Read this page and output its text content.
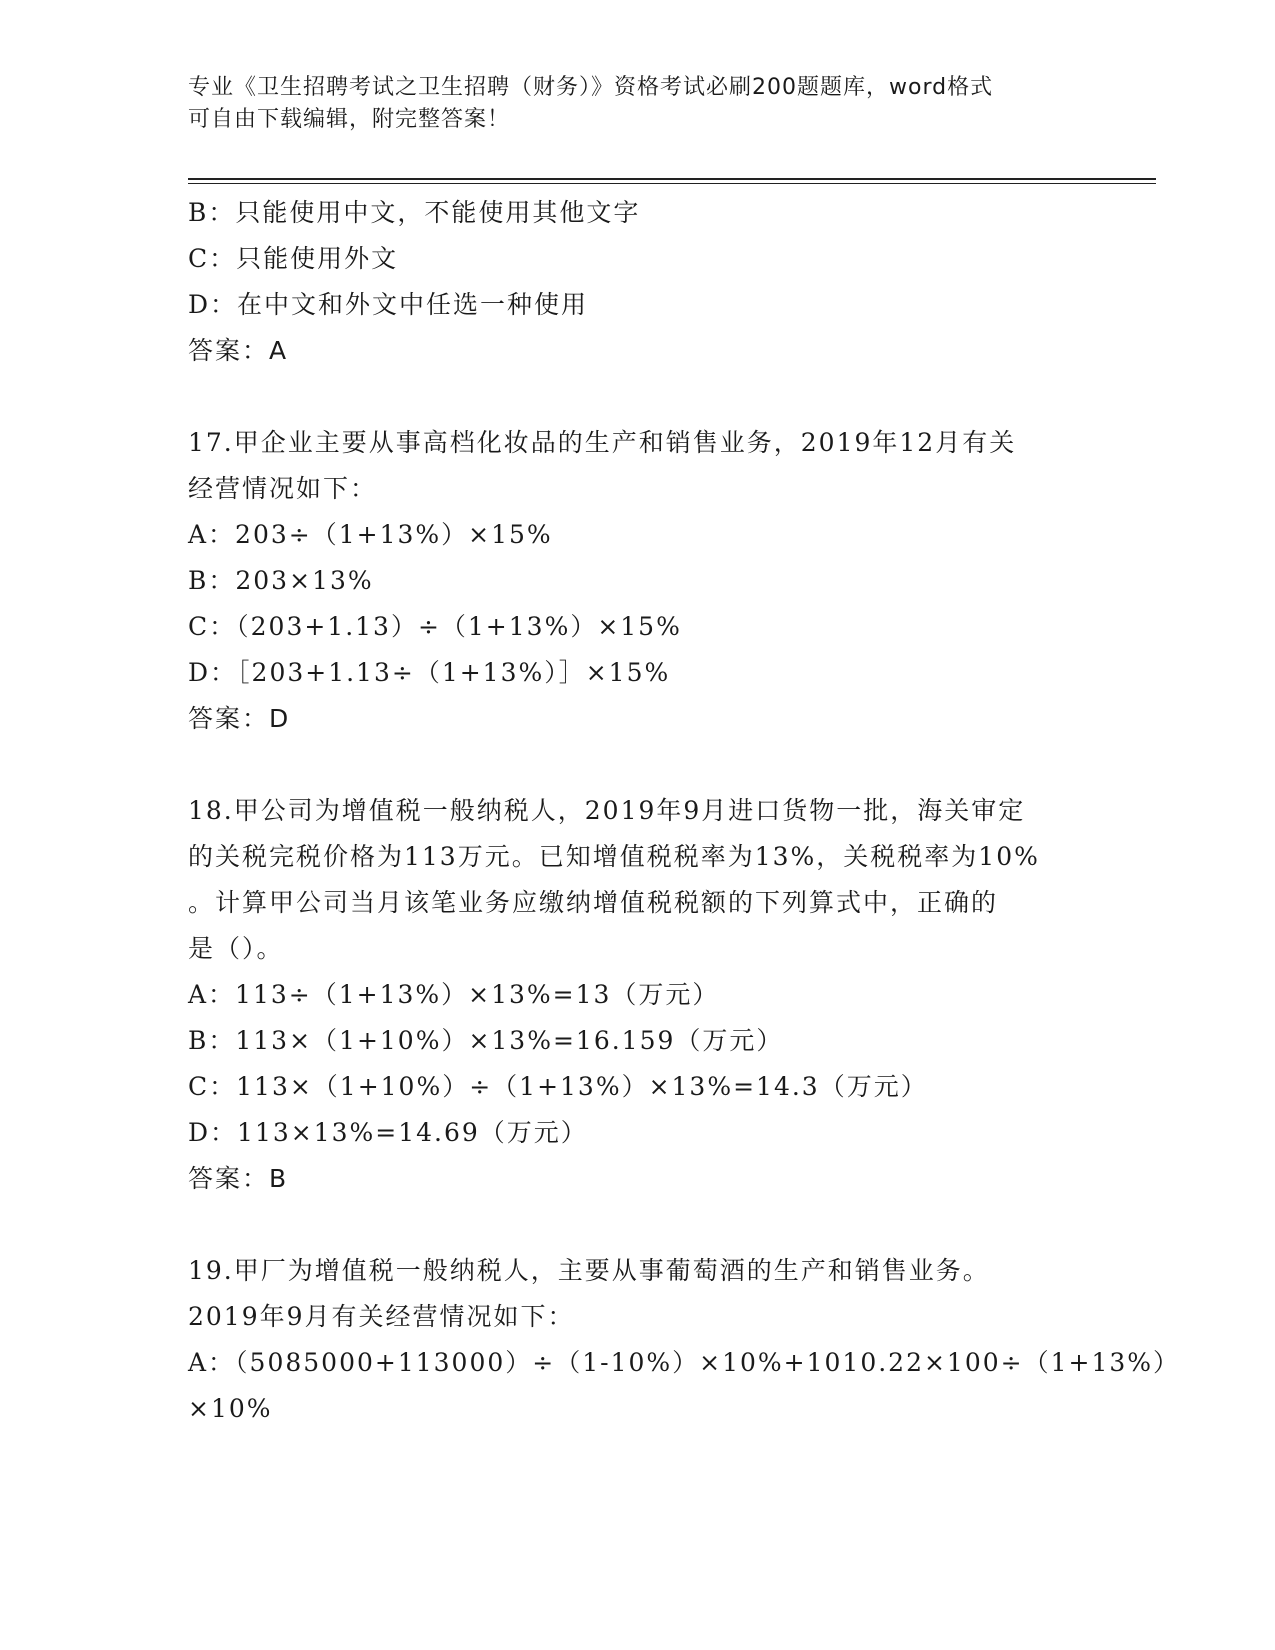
专业《卫生招聘考试之卫生招聘（财务）》资格考试必刷200题题库，word格式
可自由下载编辑，附完整答案！
B：只能使用中文，不能使用其他文字
C：只能使用外文
D：在中文和外文中任选一种使用
答案：A
17.甲企业主要从事高档化妆品的生产和销售业务，2019年12月有关
经营情况如下：
A：203÷（1+13%）×15%
B：203×13%
C：（203+1.13）÷（1+13%）×15%
D：［203+1.13÷（1+13%）］×15%
答案：D
18.甲公司为增值税一般纳税人，2019年9月进口货物一批，海关审定
的关税完税价格为113万元。已知增值税税率为13%，关税税率为10%
。计算甲公司当月该笔业务应缴纳增值税税额的下列算式中，正确的
是（）。
A：113÷（1+13%）×13%=13（万元）
B：113×（1+10%）×13%=16.159（万元）
C：113×（1+10%）÷（1+13%）×13%=14.3（万元）
D：113×13%=14.69（万元）
答案：B
19.甲厂为增值税一般纳税人，主要从事葡萄酒的生产和销售业务。
2019年9月有关经营情况如下：
A：（5085000+113000）÷（1-10%）×10%+1010.22×100÷（1+13%）
×10%
